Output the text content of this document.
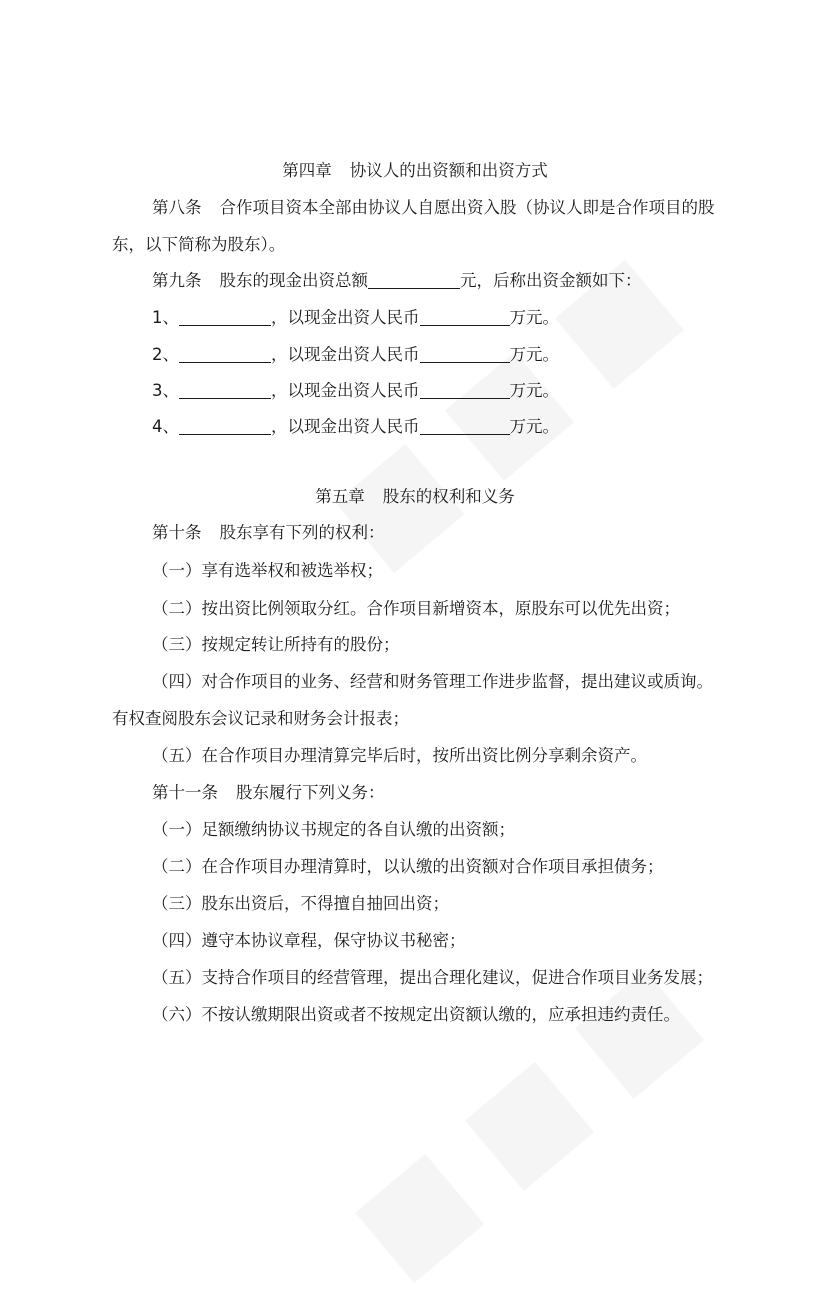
第四章 协议人的出资额和出资方式
第八条 合作项目资本全部由协议人自愿出资入股（协议人即是合作项目的股
东，以下简称为股东）。
第九条 股东的现金出资总额	元，后称出资金额如下：
1、	，以现金出资人民币	万元。
2、	，以现金出资人民币	万元。
3、	，以现金出资人民币	万元。
4、	，以现金出资人民币	万元。
第五章 股东的权利和义务
第十条 股东享有下列的权利：
（一）享有选举权和被选举权；
（二）按出资比例领取分红。合作项目新增资本，原股东可以优先出资；
（三）按规定转让所持有的股份；
（四）对合作项目的业务、经营和财务管理工作进步监督，提出建议或质询。
有权查阅股东会议记录和财务会计报表；
（五）在合作项目办理清算完毕后时，按所出资比例分享剩余资产。
第十一条 股东履行下列义务：
（一）足额缴纳协议书规定的各自认缴的出资额；
（二）在合作项目办理清算时，以认缴的出资额对合作项目承担债务；
（三）股东出资后，不得擅自抽回出资；
（四）遵守本协议章程，保守协议书秘密；
（五）支持合作项目的经营管理，提出合理化建议，促进合作项目业务发展；
（六）不按认缴期限出资或者不按规定出资额认缴的，应承担违约责任。
